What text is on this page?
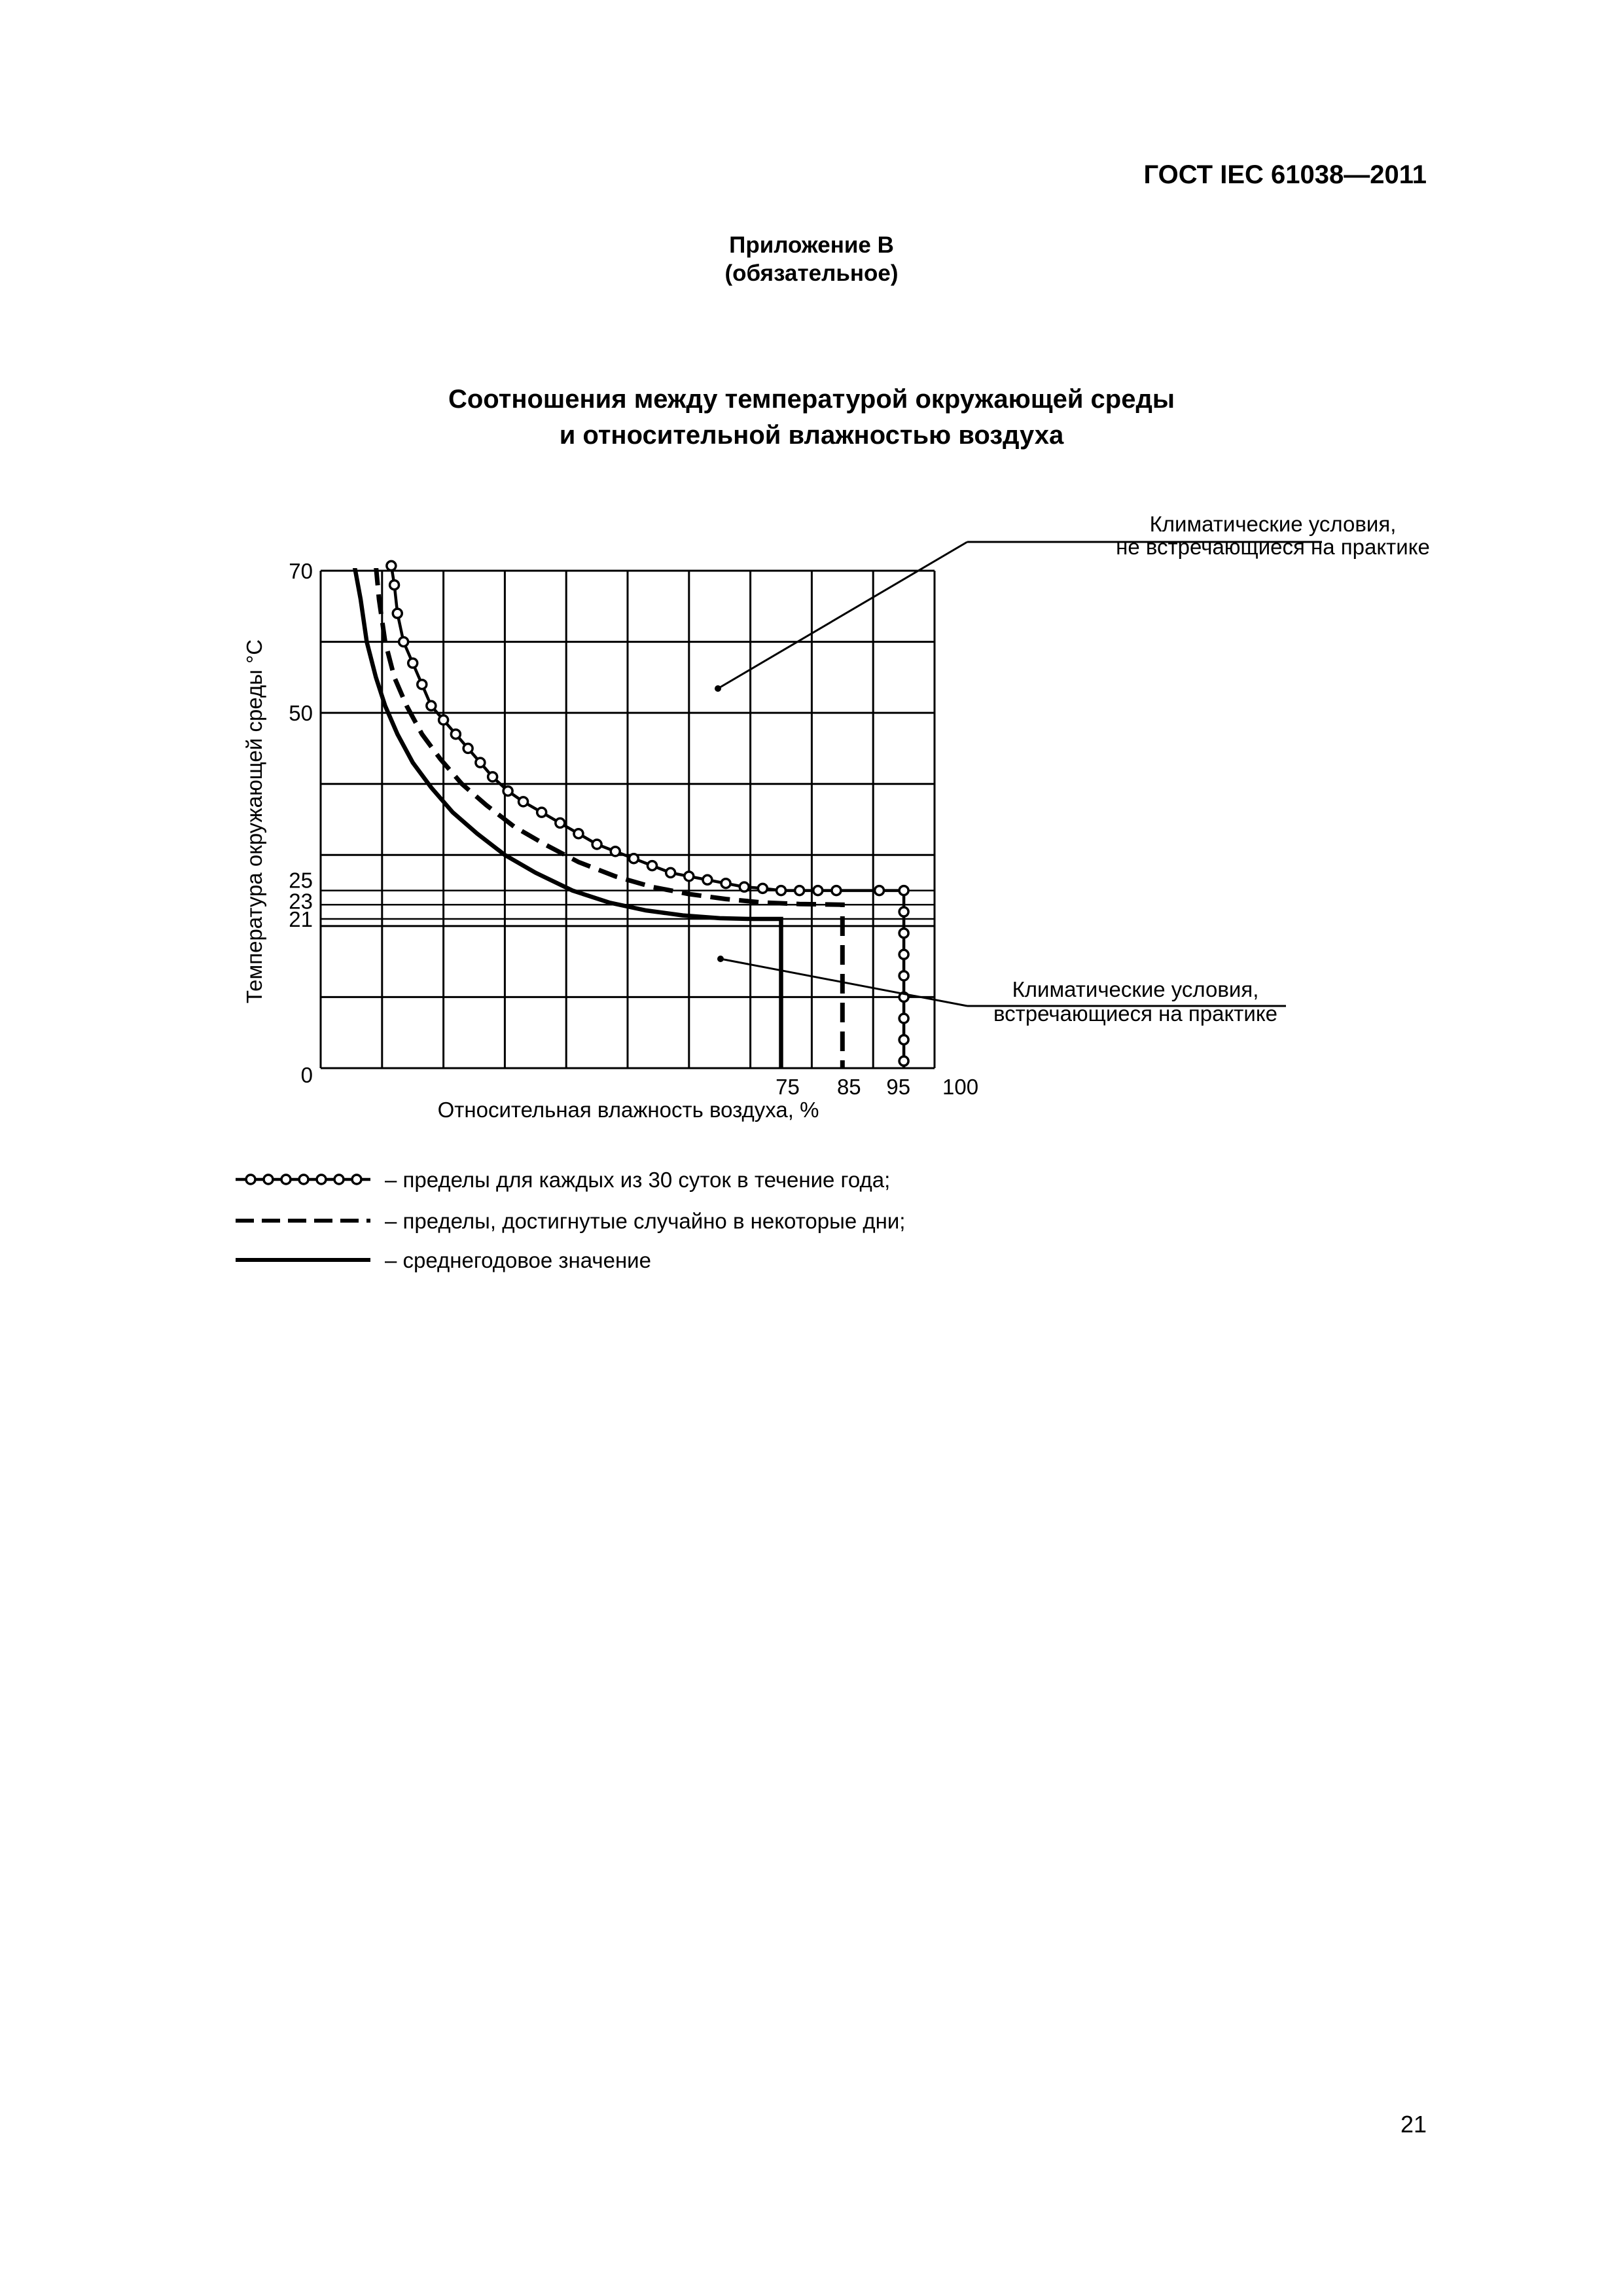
ГОСТ IEC 61038—2011
Приложение В
(обязательное)
Соотношения между температурой окружающей среды
и относительной влажностью воздуха
0
21
23
25
50
70
75 85 95 100
Температура окружающей среды °С
Относительная влажность воздуха, %
Климатические условия,
не встречающиеся на практике
Климатические условия,
встречающиеся на практике
– пределы для каждых из 30 суток в течение года;
– пределы, достигнутые случайно в некоторые дни;
– среднегодовое значение
21
